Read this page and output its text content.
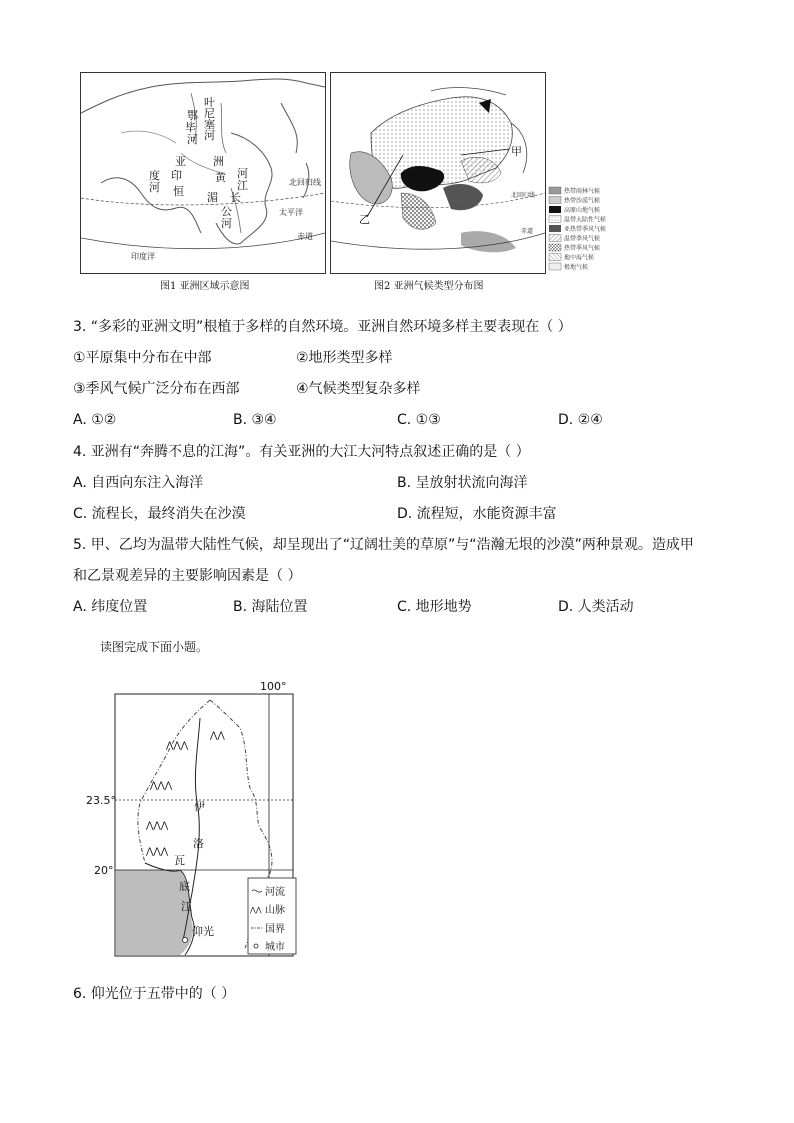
叶
尼
塞
河
鄂
毕
河
亚 洲
度 印
河 恒
黄 河
江
长
湄
公
河
北回归线
太平洋
印度洋
赤道
图1 亚洲区域示意图
甲
乙
北回归线
赤道
热带雨林气候
热带沙漠气候
高原山地气候
温带大陆性气候
亚热带季风气候
温带季风气候
热带季风气候
地中海气候
极地气候
图2 亚洲气候类型分布图
3. “多彩的亚洲文明”根植于多样的自然环境。亚洲自然环境多样主要表现在（ ）
①平原集中分布在中部	②地形类型多样
③季风气候广泛分布在西部	④气候类型复杂多样
A. ①②	B. ③④	C. ①③	D. ②④
4. 亚洲有“奔腾不息的江海”。有关亚洲的大江大河特点叙述正确的是（ ）
A. 自西向东注入海洋	B. 呈放射状流向海洋
C. 流程长，最终消失在沙漠	D. 流程短，水能资源丰富
5. 甲、乙均为温带大陆性气候，却呈现出了“辽阔壮美的草原”与“浩瀚无垠的沙漠”两种景观。造成甲
和乙景观差异的主要影响因素是（ ）
A. 纬度位置	B. 海陆位置	C. 地形地势	D. 人类活动
读图完成下面小题。
100°
23.5°
20°
⋀⋀⋀
⋀⋀⋀
⋀⋀⋀
⋀⋀⋀
⋀⋀
伊
洛
瓦
底
江
仰光
河流
⋀⋀ 山脉
国界
城市
6. 仰光位于五带中的（ ）
